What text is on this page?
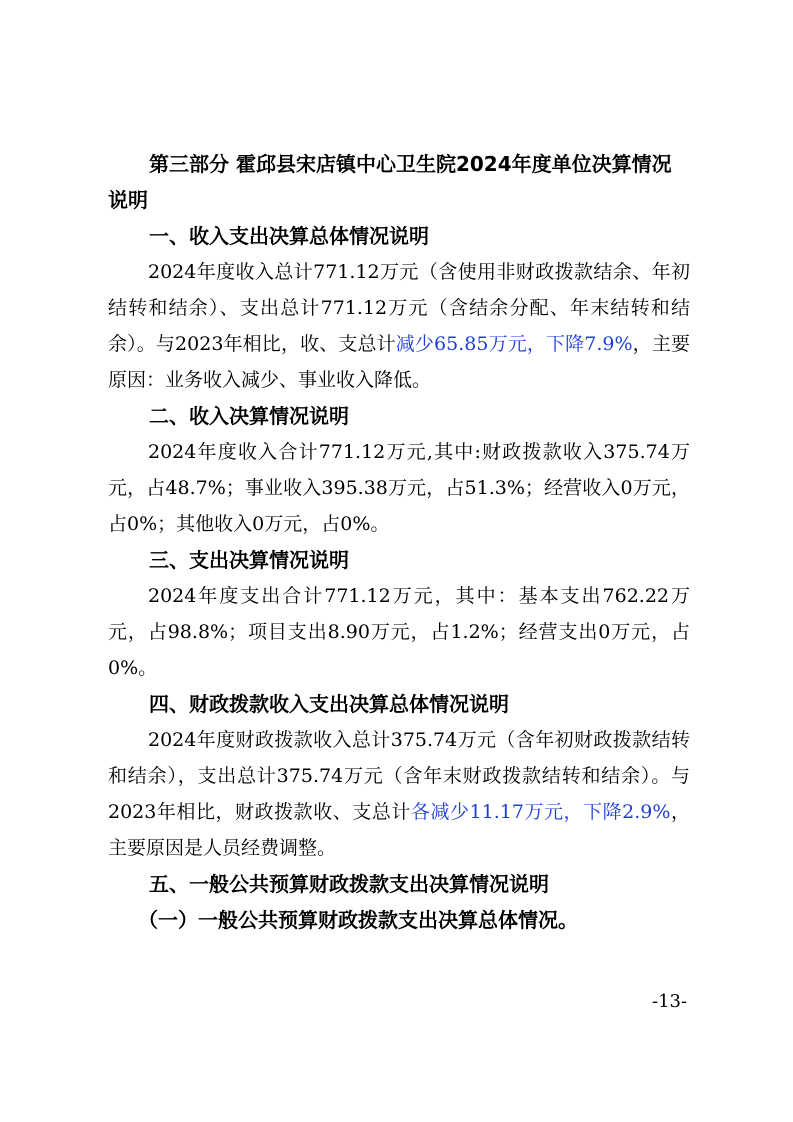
第三部分 霍邱县宋店镇中心卫生院2024年度单位决算情况说明

一、收入支出决算总体情况说明

2024年度收入总计771.12万元（含使用非财政拨款结余、年初结转和结余）、支出总计771.12万元（含结余分配、年末结转和结余）。与2023年相比，收、支总计减少65.85万元，下降7.9%，主要原因：业务收入减少、事业收入降低。

二、收入决算情况说明

2024年度收入合计771.12万元,其中:财政拨款收入375.74万元，占48.7%；事业收入395.38万元，占51.3%；经营收入0万元，占0%；其他收入0万元，占0%。

三、支出决算情况说明

2024年度支出合计771.12万元，其中：基本支出762.22万元，占98.8%；项目支出8.90万元，占1.2%；经营支出0万元，占0%。

四、财政拨款收入支出决算总体情况说明

2024年度财政拨款收入总计375.74万元（含年初财政拨款结转和结余），支出总计375.74万元（含年末财政拨款结转和结余）。与2023年相比，财政拨款收、支总计各减少11.17万元，下降2.9%，主要原因是人员经费调整。

五、一般公共预算财政拨款支出决算情况说明

（一）一般公共预算财政拨款支出决算总体情况。

-13-
